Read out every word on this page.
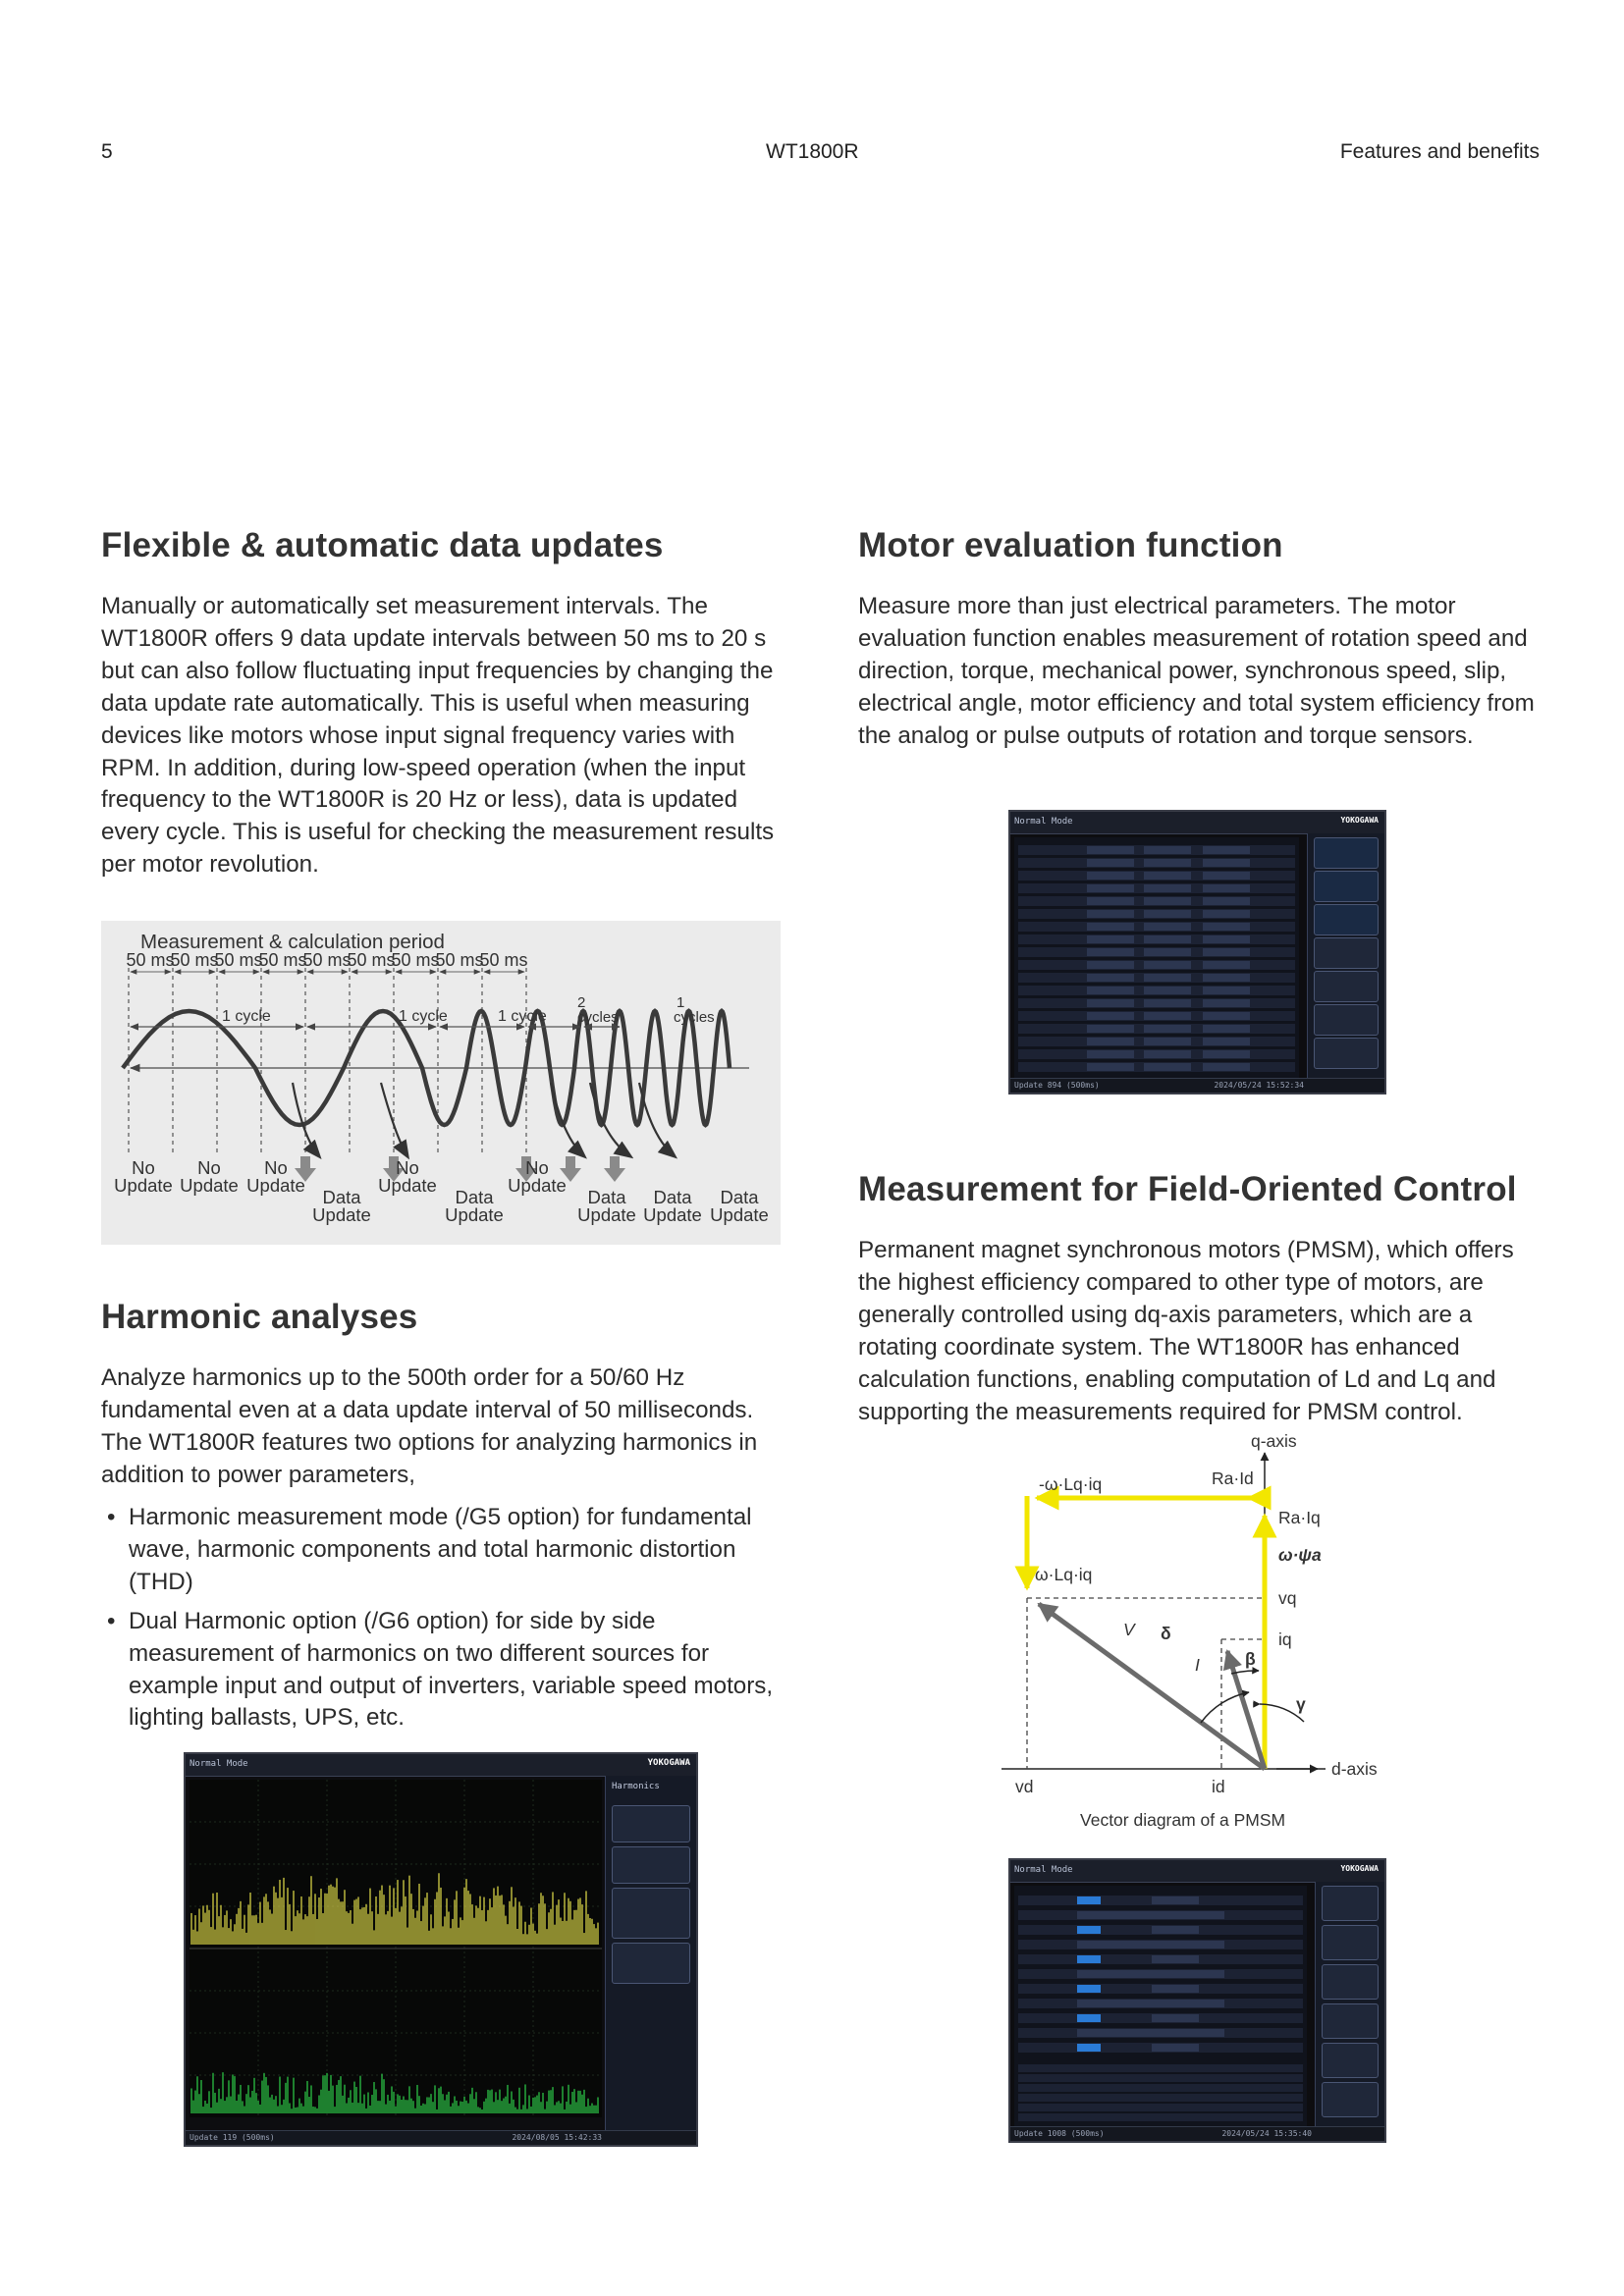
5	WT1800R	Features and benefits
Flexible & automatic data updates

Manually or automatically set measurement intervals. The WT1800R offers 9 data update intervals between 50 ms to 20 s but can also follow fluctuating input frequencies by changing the data update rate automatically. This is useful when measuring devices like motors whose input signal frequency varies with RPM. In addition, during low-speed operation (when the input frequency to the WT1800R is 20 Hz or less), data is updated every cycle. This is useful for checking the measurement results per motor revolution.

Measurement & calculation period
50 ms
50 ms
50 ms
50 ms
50 ms
50 ms
50 ms
50 ms
50 ms
1 cycle	1 cycle	1 cycle
2
cycles
1
cycles
No
Update
No
Update
No
Update
No
Update
No
Update
Data
Update
Data
Update
Data
Update
Data
Update
Data
Update
Harmonic analyses

Analyze harmonics up to the 500th order for a 50/60 Hz fundamental even at a data update interval of 50 milliseconds. The WT1800R features two options for analyzing harmonics in addition to power parameters,

• Harmonic measurement mode (/G5 option) for fundamental wave, harmonic components and total harmonic distortion (THD)
• Dual Harmonic option (/G6 option) for side by side measurement of harmonics on two different sources for example input and output of inverters, variable speed motors, lighting ballasts, UPS, etc.
Normal Mode	YOKOGAWA
Harmonics
Update 119 (500ms)	2024/08/05 15:42:33
Motor evaluation function

Measure more than just electrical parameters. The motor evaluation function enables measurement of rotation speed and direction, torque, mechanical power, synchronous speed, slip, electrical angle, motor efficiency and total system efficiency from the analog or pulse outputs of rotation and torque sensors.

Normal Mode	YOKOGAWA
Update 894 (500ms)	2024/05/24 15:52:34
Measurement for Field-Oriented Control

Permanent magnet synchronous motors (PMSM), which offers the highest efficiency compared to other type of motors, are generally controlled using dq-axis parameters, which are a rotating coordinate system. The WT1800R has enhanced calculation functions, enabling computation of Ld and Lq and supporting the measurements required for PMSM control.

q-axis
d-axis
-ω·Lq·iq	Ra·Id
Ra·Iq
ω·ψa
ω·Lq·iq
vq
iq
vd	id
V
I
δ
β
γ
Vector diagram of a PMSM
Normal Mode	YOKOGAWA
Update 1008 (500ms)	2024/05/24 15:35:40
